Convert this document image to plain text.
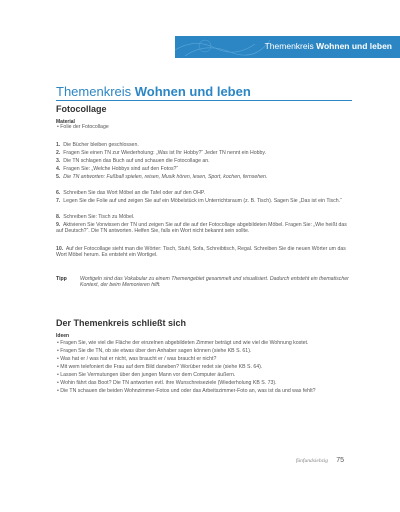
Themenkreis Wohnen und leben
Themenkreis Wohnen und leben
Fotocollage
Material
• Folie der Fotocollage
1. Die Bücher bleiben geschlossen.
2. Fragen Sie einen TN zur Wiederholung: „Was ist Ihr Hobby?“ Jeder TN nennt ein Hobby.
3. Die TN schlagen das Buch auf und schauen die Fotocollage an.
4. Fragen Sie: „Welche Hobbys sind auf den Fotos?“
5. Die TN antworten: Fußball spielen, reisen, Musik hören, lesen, Sport, kochen, fernsehen.
6. Schreiben Sie das Wort Möbel an die Tafel oder auf den OHP.
7. Legen Sie die Folie auf und zeigen Sie auf ein Möbelstück im Unterrichtsraum (z. B. Tisch). Sagen Sie „Das ist ein Tisch.“
8. Schreiben Sie: Tisch zu Möbel.
9. Aktivieren Sie Vorwissen der TN und zeigen Sie auf die auf der Fotocollage abgebildeten Möbel. Fragen Sie: „Wie heißt das auf Deutsch?“. Die TN antworten. Helfen Sie, falls ein Wort nicht bekannt sein sollte.
10. Auf der Fotocollage sieht man die Wörter: Tisch, Stuhl, Sofa, Schreibtisch, Regal. Schreiben Sie die neuen Wörter um das Wort Möbel herum. Es entsteht ein Wortigel.
Tipp	Wortigeln sind das Vokabular zu einem Themengebiet gesammelt und visualisiert. Dadurch entsteht ein thematischer Kontext, der beim Memorieren hilft.
Der Themenkreis schließt sich
Ideen
• Fragen Sie, wie viel die Fläche der einzelnen abgebildeten Zimmer beträgt und wie viel die Wohnung kostet.
• Fragen Sie die TN, ob sie etwas über den Anhaber sagen können (siehe KB S. 61).
• Was hat er / was hat er nicht, was braucht er / was braucht er nicht?
• Mit wem telefoniert die Frau auf dem Bild daneben? Worüber redet sie (siehe KB S. 64).
• Lassen Sie Vermutungen über den jungen Mann vor dem Computer äußern.
• Wohin fährt das Boot? Die TN antworten evtl. ihre Wunschreiseziele (Wiederholung KB S. 73).
• Die TN schauen die beiden Wohnzimmer-Fotos und oder das Arbeitszimmer-Foto an, was ist da und was fehlt?
fünfundsiebzig 75
